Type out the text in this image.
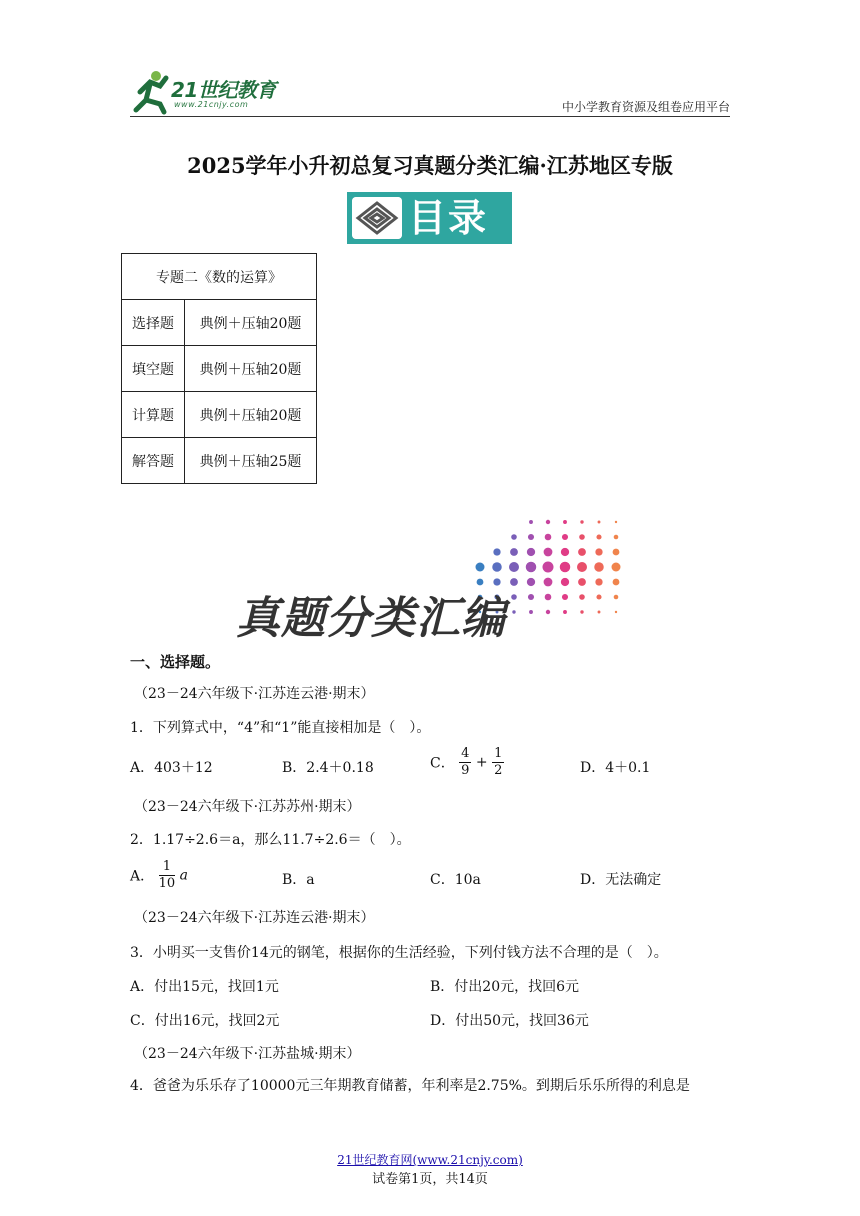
21世纪教育
www.21cnjy.com	中小学教育资源及组卷应用平台
2025学年小升初总复习真题分类汇编·江苏地区专版
目录
专题二《数的运算》	
选择题	典例＋压轴20题
填空题	典例＋压轴20题
计算题	典例＋压轴20题
解答题	典例＋压轴25题
真题分类汇编
一、选择题。
（23－24六年级下·江苏连云港·期末）
1．下列算式中，“4”和“1”能直接相加是（　）。
A．403＋12	B．2.4＋0.18	C． $\frac{4}{9} + \frac{1}{2}$	D．4＋0.1
（23－24六年级下·江苏苏州·期末）
2．1.17÷2.6＝a，那么11.7÷2.6＝（　）。
A． $\frac{1}{10}$ a	B．a	C．10a	D．无法确定
（23－24六年级下·江苏连云港·期末）
3．小明买一支售价14元的钢笔，根据你的生活经验，下列付钱方法不合理的是（　）。
A．付出15元，找回1元	B．付出20元，找回6元
C．付出16元，找回2元	D．付出50元，找回36元
（23－24六年级下·江苏盐城·期末）
4．爸爸为乐乐存了10000元三年期教育储蓄，年利率是2.75%。到期后乐乐所得的利息是
21世纪教育网(www.21cnjy.com)
试卷第1页，共14页
